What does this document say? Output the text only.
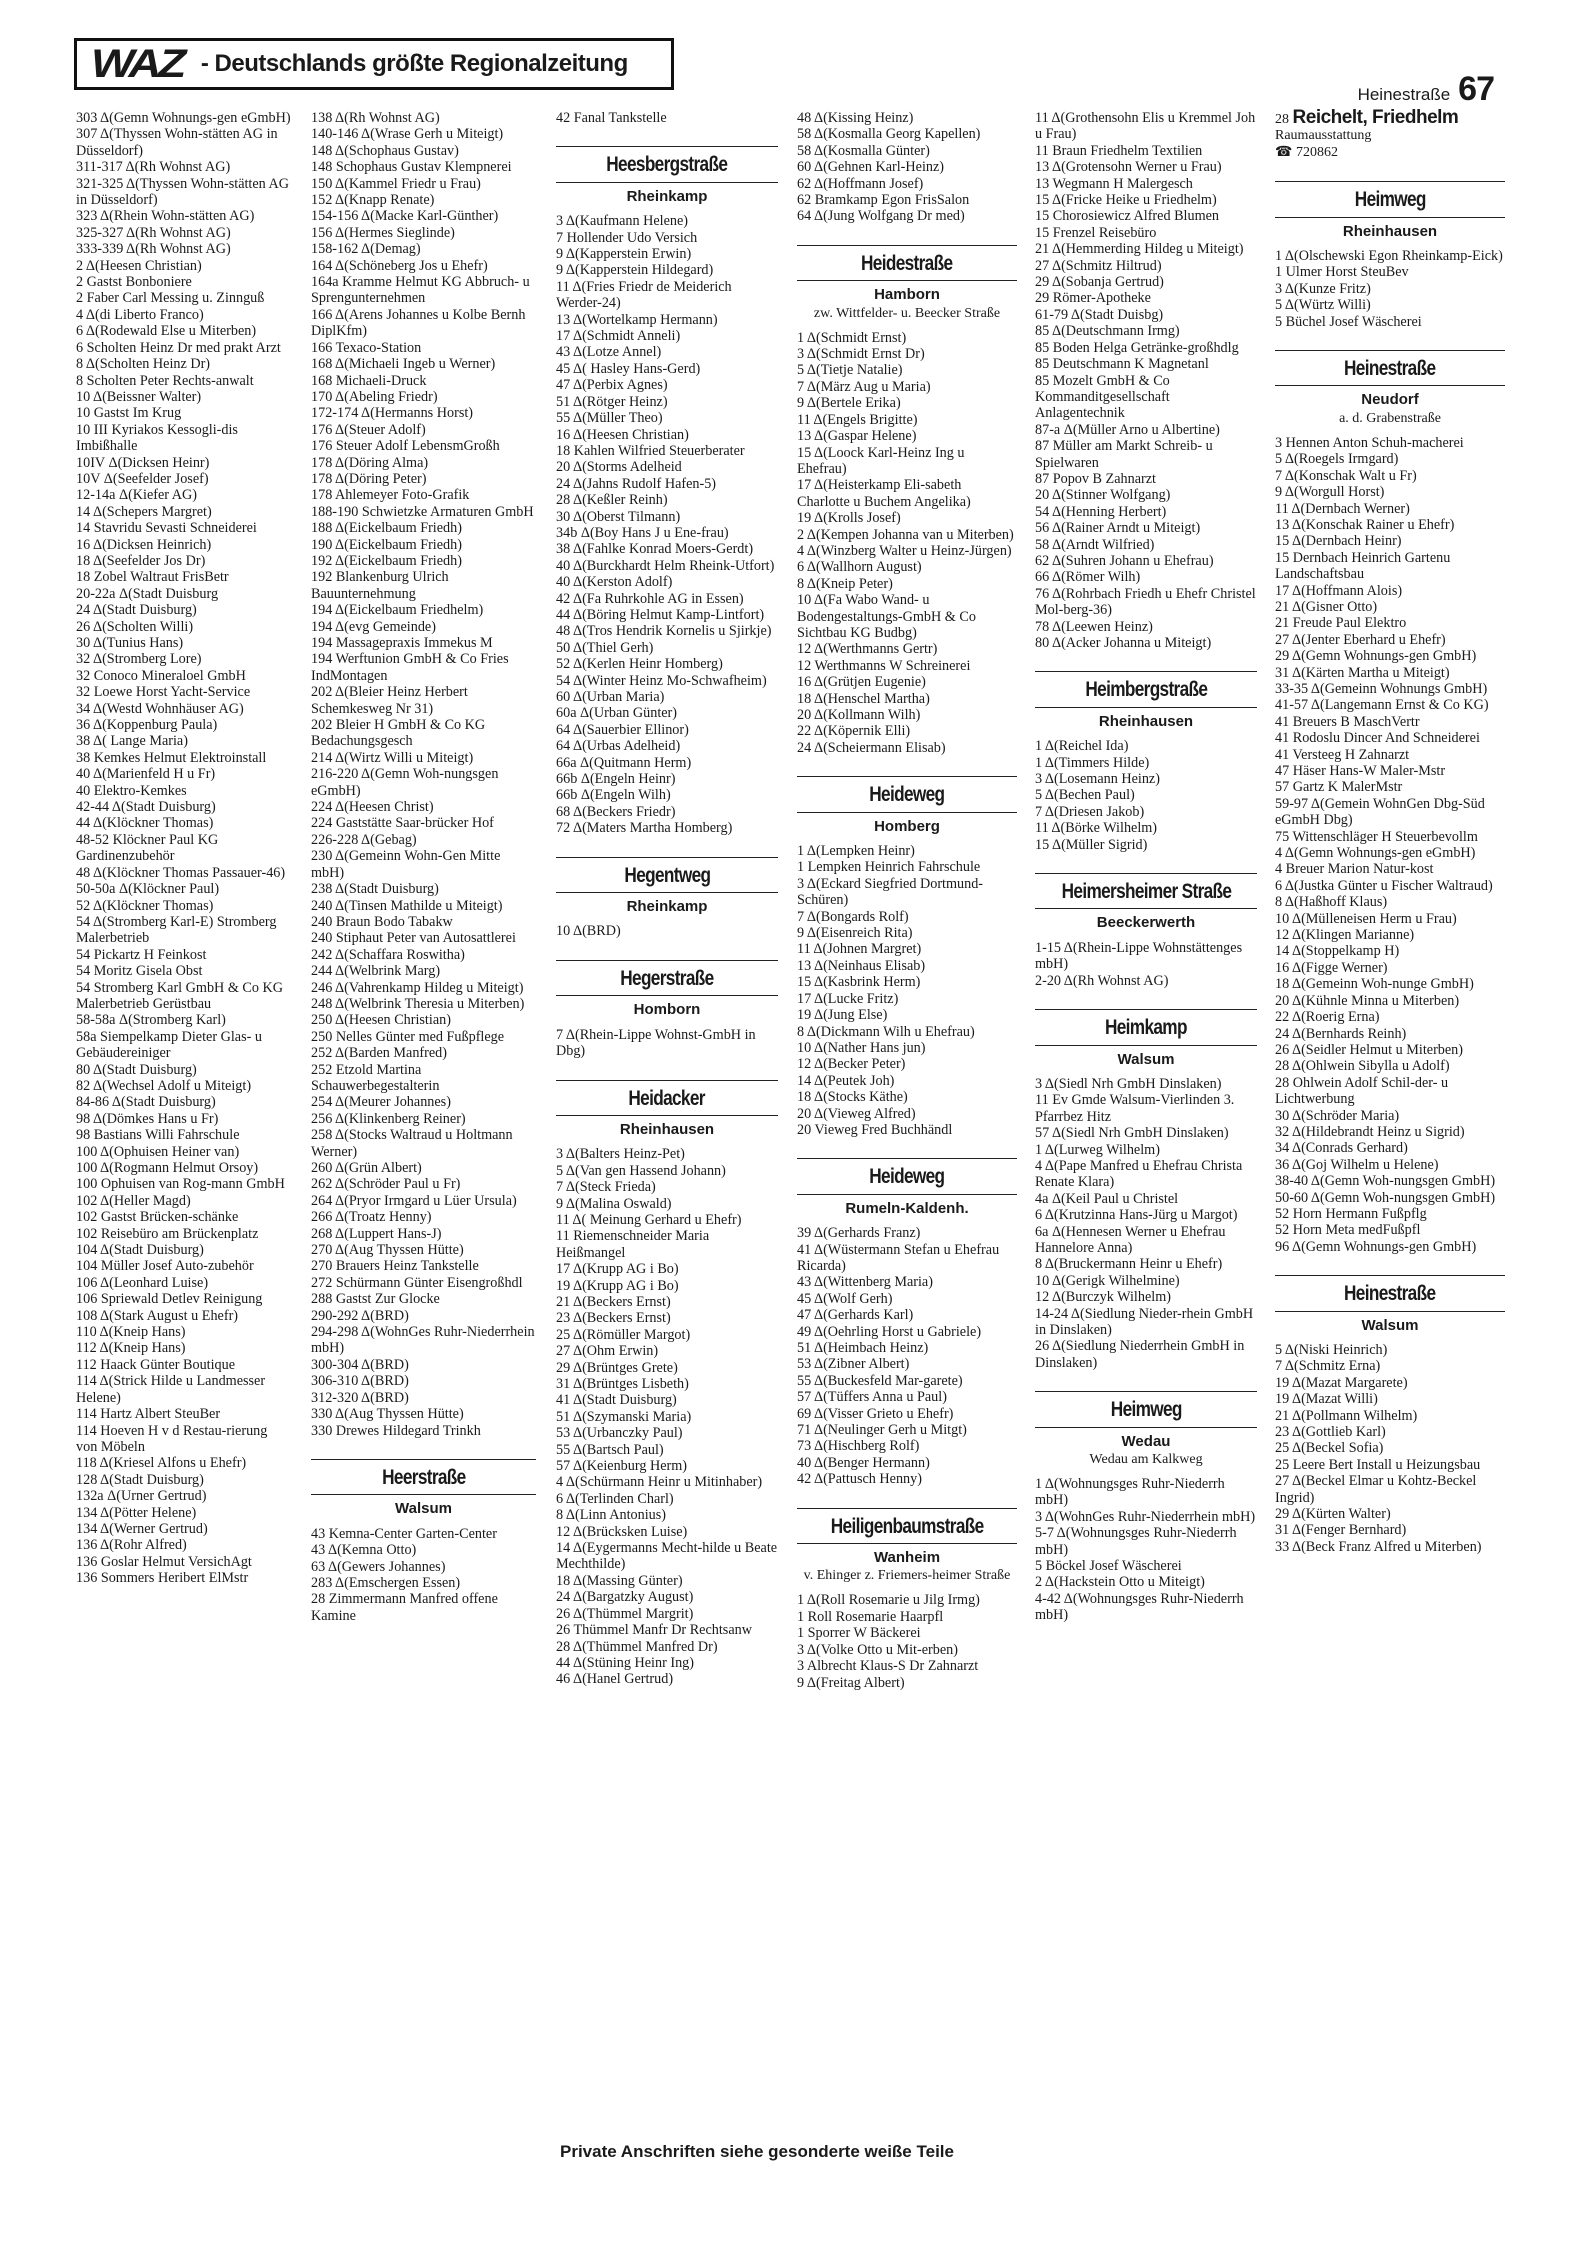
WAZ - Deutschlands größte Regionalzeitung
Heinestraße 67
303 Δ(Gemn Wohnungs-gen eGmbH)
307 Δ(Thyssen Wohn-stätten AG in Düsseldorf)
311-317 Δ(Rh Wohnst AG)
321-325 Δ(Thyssen Wohn-stätten AG in Düsseldorf)
323 Δ(Rhein Wohn-stätten AG)
325-327 Δ(Rh Wohnst AG)
333-339 Δ(Rh Wohnst AG)
2 Δ(Heesen Christian)
2 Gastst Bonboniere
2 Faber Carl Messing u. Zinnguß
4 Δ(di Liberto Franco)
6 Δ(Rodewald Else u Miterben)
6 Scholten Heinz Dr med prakt Arzt
8 Δ(Scholten Heinz Dr)
8 Scholten Peter Rechts-anwalt
10 Δ(Beissner Walter)
10 Gastst Im Krug
10 III Kyriakos Kessogli-dis Imbißhalle
10IV Δ(Dicksen Heinr)
10V Δ(Seefelder Josef)
12-14a Δ(Kiefer AG)
14 Δ(Schepers Margret)
14 Stavridu Sevasti Schneiderei
16 Δ(Dicksen Heinrich)
18 Δ(Seefelder Jos Dr)
18 Zobel Waltraut FrisBetr
20-22a Δ(Stadt Duisburg
24 Δ(Stadt Duisburg)
26 Δ(Scholten Willi)
30 Δ(Tunius Hans)
32 Δ(Stromberg Lore)
32 Conoco Mineraloel GmbH
32 Loewe Horst Yacht-Service
34 Δ(Westd Wohnhäuser AG)
36 Δ(Koppenburg Paula)
38 Δ( Lange Maria)
38 Kemkes Helmut Elektroinstall
40 Δ(Marienfeld H u Fr)
40 Elektro-Kemkes
42-44 Δ(Stadt Duisburg)
44 Δ(Klöckner Thomas)
48-52 Klöckner Paul KG Gardinenzubehör
48 Δ(Klöckner Thomas Passauer-46)
50-50a Δ(Klöckner Paul)
52 Δ(Klöckner Thomas)
54 Δ(Stromberg Karl-E) Stromberg Malerbetrieb
54 Pickartz H Feinkost
54 Moritz Gisela Obst
54 Stromberg Karl GmbH & Co KG Malerbetrieb Gerüstbau
58-58a Δ(Stromberg Karl)
58a Siempelkamp Dieter Glas- u Gebäudereiniger
80 Δ(Stadt Duisburg)
82 Δ(Wechsel Adolf u Miteigt)
84-86 Δ(Stadt Duisburg)
98 Δ(Dömkes Hans u Fr)
98 Bastians Willi Fahrschule
100 Δ(Ophuisen Heiner van)
100 Δ(Rogmann Helmut Orsoy)
100 Ophuisen van Rog-mann GmbH
102 Δ(Heller Magd)
102 Gastst Brücken-schänke
102 Reisebüro am Brückenplatz
104 Δ(Stadt Duisburg)
104 Müller Josef Auto-zubehör
106 Δ(Leonhard Luise)
106 Spriewald Detlev Reinigung
108 Δ(Stark August u Ehefr)
110 Δ(Kneip Hans)
112 Δ(Kneip Hans)
112 Haack Günter Boutique
114 Δ(Strick Hilde u Landmesser Helene)
114 Hartz Albert SteuBer
114 Hoeven H v d Restau-rierung von Möbeln
118 Δ(Kriesel Alfons u Ehefr)
128 Δ(Stadt Duisburg)
132a Δ(Urner Gertrud)
134 Δ(Pötter Helene)
134 Δ(Werner Gertrud)
136 Δ(Rohr Alfred)
136 Goslar Helmut VersichAgt
136 Sommers Heribert ElMstr
138 Δ(Rh Wohnst AG)
140-146 Δ(Wrase Gerh u Miteigt)
148 Δ(Schophaus Gustav)
148 Schophaus Gustav Klempnerei
150 Δ(Kammel Friedr u Frau)
152 Δ(Knapp Renate)
154-156 Δ(Macke Karl-Günther)
156 Δ(Hermes Sieglinde)
158-162 Δ(Demag)
164 Δ(Schöneberg Jos u Ehefr)
164a Kramme Helmut KG Abbruch- u Sprengunternehmen
166 Δ(Arens Johannes u Kolbe Bernh DiplKfm)
166 Texaco-Station
168 Δ(Michaeli Ingeb u Werner)
168 Michaeli-Druck
170 Δ(Abeling Friedr)
172-174 Δ(Hermanns Horst)
176 Δ(Steuer Adolf)
176 Steuer Adolf LebensmGroßh
178 Δ(Döring Alma)
178 Δ(Döring Peter)
178 Ahlemeyer Foto-Grafik
188-190 Schwietzke Armaturen GmbH
188 Δ(Eickelbaum Friedh)
190 Δ(Eickelbaum Friedh)
192 Δ(Eickelbaum Friedh)
192 Blankenburg Ulrich Bauunternehmung
194 Δ(Eickelbaum Friedhelm)
194 Δ(evg Gemeinde)
194 Massagepraxis Immekus M
194 Werftunion GmbH & Co Fries IndMontagen
202 Δ(Bleier Heinz Herbert Schemkesweg Nr 31)
202 Bleier H GmbH & Co KG Bedachungsgesch
214 Δ(Wirtz Willi u Miteigt)
216-220 Δ(Gemn Woh-nungsgen eGmbH)
224 Δ(Heesen Christ)
224 Gaststätte Saar-brücker Hof
226-228 Δ(Gebag)
230 Δ(Gemeinn Wohn-Gen Mitte mbH)
238 Δ(Stadt Duisburg)
240 Δ(Tinsen Mathilde u Miteigt)
240 Braun Bodo Tabakw
240 Stiphaut Peter van Autosattlerei
242 Δ(Schaffara Roswitha)
244 Δ(Welbrink Marg)
246 Δ(Vahrenkamp Hildeg u Miteigt)
248 Δ(Welbrink Theresia u Miterben)
250 Δ(Heesen Christian)
250 Nelles Günter med Fußpflege
252 Δ(Barden Manfred)
252 Etzold Martina Schauwerbegestalterin
254 Δ(Meurer Johannes)
256 Δ(Klinkenberg Reiner)
258 Δ(Stocks Waltraud u Holtmann Werner)
260 Δ(Grün Albert)
262 Δ(Schröder Paul u Fr)
264 Δ(Pryor Irmgard u Lüer Ursula)
266 Δ(Troatz Henny)
268 Δ(Luppert Hans-J)
270 Δ(Aug Thyssen Hütte)
270 Brauers Heinz Tankstelle
272 Schürmann Günter Eisengroßhdl
288 Gastst Zur Glocke
290-292 Δ(BRD)
294-298 Δ(WohnGes Ruhr-Niederrhein mbH)
300-304 Δ(BRD)
306-310 Δ(BRD)
312-320 Δ(BRD)
330 Δ(Aug Thyssen Hütte)
330 Drewes Hildegard Trinkh
Heerstraße
Walsum
43 Kemna-Center Garten-Center
43 Δ(Kemna Otto)
63 Δ(Gewers Johannes)
283 Δ(Emschergen Essen)
28 Zimmermann Manfred offene Kamine
42 Fanal Tankstelle
Heesbergstraße
Rheinkamp
3 Δ(Kaufmann Helene)
7 Hollender Udo Versich
9 Δ(Kapperstein Erwin)
9 Δ(Kapperstein Hildegard)
11 Δ(Fries Friedr de Meiderich Werder-24)
13 Δ(Wortelkamp Hermann)
17 Δ(Schmidt Anneli)
43 Δ(Lotze Annel)
45 Δ( Hasley Hans-Gerd)
47 Δ(Perbix Agnes)
51 Δ(Rötger Heinz)
55 Δ(Müller Theo)
16 Δ(Heesen Christian)
18 Kahlen Wilfried Steuerberater
20 Δ(Storms Adelheid
24 Δ(Jahns Rudolf Hafen-5)
28 Δ(Keßler Reinh)
30 Δ(Oberst Tilmann)
34b Δ(Boy Hans J u Ene-frau)
38 Δ(Fahlke Konrad Moers-Gerdt)
40 Δ(Burckhardt Helm Rheink-Utfort)
40 Δ(Kerston Adolf)
42 Δ(Fa Ruhrkohle AG in Essen)
44 Δ(Böring Helmut Kamp-Lintfort)
48 Δ(Tros Hendrik Kornelis u Sjirkje)
50 Δ(Thiel Gerh)
52 Δ(Kerlen Heinr Homberg)
54 Δ(Winter Heinz Mo-Schwafheim)
60 Δ(Urban Maria)
60a Δ(Urban Günter)
64 Δ(Sauerbier Ellinor)
64 Δ(Urbas Adelheid)
66a Δ(Quitmann Herm)
66b Δ(Engeln Heinr)
66b Δ(Engeln Wilh)
68 Δ(Beckers Friedr)
72 Δ(Maters Martha Homberg)
Hegentweg
Rheinkamp
10 Δ(BRD)
Hegerstraße
Homborn
7 Δ(Rhein-Lippe Wohnst-GmbH in Dbg)
Heidacker
Rheinhausen
3 Δ(Balters Heinz-Pet)
5 Δ(Van gen Hassend Johann)
7 Δ(Steck Frieda)
9 Δ(Malina Oswald)
11 Δ( Meinung Gerhard u Ehefr)
11 Riemenschneider Maria Heißmangel
17 Δ(Krupp AG i Bo)
19 Δ(Krupp AG i Bo)
21 Δ(Beckers Ernst)
23 Δ(Beckers Ernst)
25 Δ(Römüller Margot)
27 Δ(Ohm Erwin)
29 Δ(Brüntges Grete)
31 Δ(Brüntges Lisbeth)
41 Δ(Stadt Duisburg)
51 Δ(Szymanski Maria)
53 Δ(Urbanczky Paul)
55 Δ(Bartsch Paul)
57 Δ(Keienburg Herm)
4 Δ(Schürmann Heinr u Mitinhaber)
6 Δ(Terlinden Charl)
8 Δ(Linn Antonius)
12 Δ(Brücksken Luise)
14 Δ(Eygermanns Mecht-hilde u Beate Mechthilde)
18 Δ(Massing Günter)
24 Δ(Bargatzky August)
26 Δ(Thümmel Margrit)
26 Thümmel Manfr Dr Rechtsanw
28 Δ(Thümmel Manfred Dr)
44 Δ(Stüning Heinr Ing)
46 Δ(Hanel Gertrud)
48 Δ(Kissing Heinz)
58 Δ(Kosmalla Georg Kapellen)
58 Δ(Kosmalla Günter)
60 Δ(Gehnen Karl-Heinz)
62 Δ(Hoffmann Josef)
62 Bramkamp Egon FrisSalon
64 Δ(Jung Wolfgang Dr med)
Heidestraße
Hamborn
zw. Wittfelder- u. Beecker Straße
1 Δ(Schmidt Ernst)
3 Δ(Schmidt Ernst Dr)
5 Δ(Tietje Natalie)
7 Δ(März Aug u Maria)
9 Δ(Bertele Erika)
11 Δ(Engels Brigitte)
13 Δ(Gaspar Helene)
15 Δ(Loock Karl-Heinz Ing u Ehefrau)
17 Δ(Heisterkamp Eli-sabeth Charlotte u Buchem Angelika)
19 Δ(Krolls Josef)
2 Δ(Kempen Johanna van u Miterben)
4 Δ(Winzberg Walter u Heinz-Jürgen)
6 Δ(Wallhorn August)
8 Δ(Kneip Peter)
10 Δ(Fa Wabo Wand- u Bodengestaltungs-GmbH & Co Sichtbau KG Budbg)
12 Δ(Werthmanns Gertr)
12 Werthmanns W Schreinerei
16 Δ(Grütjen Eugenie)
18 Δ(Henschel Martha)
20 Δ(Kollmann Wilh)
22 Δ(Köpernik Elli)
24 Δ(Scheiermann Elisab)
Heideweg
Homberg
1 Δ(Lempken Heinr)
1 Lempken Heinrich Fahrschule
3 Δ(Eckard Siegfried Dortmund-Schüren)
7 Δ(Bongards Rolf)
9 Δ(Eisenreich Rita)
11 Δ(Johnen Margret)
13 Δ(Neinhaus Elisab)
15 Δ(Kasbrink Herm)
17 Δ(Lucke Fritz)
19 Δ(Jung Else)
8 Δ(Dickmann Wilh u Ehefrau)
10 Δ(Nather Hans jun)
12 Δ(Becker Peter)
14 Δ(Peutek Joh)
18 Δ(Stocks Käthe)
20 Δ(Vieweg Alfred)
20 Vieweg Fred Buchhändl
Heideweg
Rumeln-Kaldenh.
39 Δ(Gerhards Franz)
41 Δ(Wüstermann Stefan u Ehefrau Ricarda)
43 Δ(Wittenberg Maria)
45 Δ(Wolf Gerh)
47 Δ(Gerhards Karl)
49 Δ(Oehrling Horst u Gabriele)
51 Δ(Heimbach Heinz)
53 Δ(Zibner Albert)
55 Δ(Buckesfeld Mar-garete)
57 Δ(Tüffers Anna u Paul)
69 Δ(Visser Grieto u Ehefr)
71 Δ(Neulinger Gerh u Mitgt)
73 Δ(Hischberg Rolf)
40 Δ(Benger Hermann)
42 Δ(Pattusch Henny)
Heiligenbaumstraße
Wanheim
v. Ehinger z. Friemers-heimer Straße
1 Δ(Roll Rosemarie u Jilg Irmg)
1 Roll Rosemarie Haarpfl
1 Sporrer W Bäckerei
3 Δ(Volke Otto u Mit-erben)
3 Albrecht Klaus-S Dr Zahnarzt
9 Δ(Freitag Albert)
11 Δ(Grothensohn Elis u Kremmel Joh u Frau)
11 Braun Friedhelm Textilien
13 Δ(Grotensohn Werner u Frau)
13 Wegmann H Malergesch
15 Δ(Fricke Heike u Friedhelm)
15 Chorosiewicz Alfred Blumen
15 Frenzel Reisebüro
21 Δ(Hemmerding Hildeg u Miteigt)
27 Δ(Schmitz Hiltrud)
29 Δ(Sobanja Gertrud)
29 Römer-Apotheke
61-79 Δ(Stadt Duisbg)
85 Δ(Deutschmann Irmg)
85 Boden Helga Getränke-großhdlg
85 Deutschmann K Magnetanl
85 Mozelt GmbH & Co Kommanditgesellschaft Anlagentechnik
87-a Δ(Müller Arno u Albertine)
87 Müller am Markt Schreib- u Spielwaren
87 Popov B Zahnarzt
20 Δ(Stinner Wolfgang)
54 Δ(Henning Herbert)
56 Δ(Rainer Arndt u Miteigt)
58 Δ(Arndt Wilfried)
62 Δ(Suhren Johann u Ehefrau)
66 Δ(Römer Wilh)
76 Δ(Rohrbach Friedh u Ehefr Christel Mol-berg-36)
78 Δ(Leewen Heinz)
80 Δ(Acker Johanna u Miteigt)
Heimbergstraße
Rheinhausen
1 Δ(Reichel Ida)
1 Δ(Timmers Hilde)
3 Δ(Losemann Heinz)
5 Δ(Bechen Paul)
7 Δ(Driesen Jakob)
11 Δ(Börke Wilhelm)
15 Δ(Müller Sigrid)
Heimersheimer Straße
Beeckerwerth
1-15 Δ(Rhein-Lippe Wohnstättenges mbH)
2-20 Δ(Rh Wohnst AG)
Heimkamp
Walsum
3 Δ(Siedl Nrh GmbH Dinslaken)
11 Ev Gmde Walsum-Vierlinden 3. Pfarrbez Hitz
57 Δ(Siedl Nrh GmbH Dinslaken)
1 Δ(Lurweg Wilhelm)
4 Δ(Pape Manfred u Ehefrau Christa Renate Klara)
4a Δ(Keil Paul u Christel
6 Δ(Krutzinna Hans-Jürg u Margot)
6a Δ(Hennesen Werner u Ehefrau Hannelore Anna)
8 Δ(Bruckermann Heinr u Ehefr)
10 Δ(Gerigk Wilhelmine)
12 Δ(Burczyk Wilhelm)
14-24 Δ(Siedlung Nieder-rhein GmbH in Dinslaken)
26 Δ(Siedlung Niederrhein GmbH in Dinslaken)
Heimweg
Wedau
Wedau am Kalkweg
1 Δ(Wohnungsges Ruhr-Niederrh mbH)
3 Δ(WohnGes Ruhr-Niederrhein mbH)
5-7 Δ(Wohnungsges Ruhr-Niederrh mbH)
5 Böckel Josef Wäscherei
2 Δ(Hackstein Otto u Miteigt)
4-42 Δ(Wohnungsges Ruhr-Niederrh mbH)
28 Reichelt, Friedhelm
Raumausstattung
☎ 720862
Heimweg
Rheinhausen
1 Δ(Olschewski Egon Rheinkamp-Eick)
1 Ulmer Horst SteuBev
3 Δ(Kunze Fritz)
5 Δ(Würtz Willi)
5 Büchel Josef Wäscherei
Heinestraße
Neudorf
a. d. Grabenstraße
3 Hennen Anton Schuh-macherei
5 Δ(Roegels Irmgard)
7 Δ(Konschak Walt u Fr)
9 Δ(Worgull Horst)
11 Δ(Dernbach Werner)
13 Δ(Konschak Rainer u Ehefr)
15 Δ(Dernbach Heinr)
15 Dernbach Heinrich Gartenu Landschaftsbau
17 Δ(Hoffmann Alois)
21 Δ(Gisner Otto)
21 Freude Paul Elektro
27 Δ(Jenter Eberhard u Ehefr)
29 Δ(Gemn Wohnungs-gen GmbH)
31 Δ(Kärten Martha u Miteigt)
33-35 Δ(Gemeinn Wohnungs GmbH)
41-57 Δ(Langemann Ernst & Co KG)
41 Breuers B MaschVertr
41 Rodoslu Dincer And Schneiderei
41 Versteeg H Zahnarzt
47 Häser Hans-W Maler-Mstr
57 Gartz K MalerMstr
59-97 Δ(Gemein WohnGen Dbg-Süd eGmbH Dbg)
75 Wittenschläger H Steuerbevollm
4 Δ(Gemn Wohnungs-gen eGmbH)
4 Breuer Marion Natur-kost
6 Δ(Justka Günter u Fischer Waltraud)
8 Δ(Haßhoff Klaus)
10 Δ(Mülleneisen Herm u Frau)
12 Δ(Klingen Marianne)
14 Δ(Stoppelkamp H)
16 Δ(Figge Werner)
18 Δ(Gemeinn Woh-nunge GmbH)
20 Δ(Kühnle Minna u Miterben)
22 Δ(Roerig Erna)
24 Δ(Bernhards Reinh)
26 Δ(Seidler Helmut u Miterben)
28 Δ(Ohlwein Sibylla u Adolf)
28 Ohlwein Adolf Schil-der- u Lichtwerbung
30 Δ(Schröder Maria)
32 Δ(Hildebrandt Heinz u Sigrid)
34 Δ(Conrads Gerhard)
36 Δ(Goj Wilhelm u Helene)
38-40 Δ(Gemn Woh-nungsgen GmbH)
50-60 Δ(Gemn Woh-nungsgen GmbH)
52 Horn Hermann Fußpflg
52 Horn Meta medFußpfl
96 Δ(Gemn Wohnungs-gen GmbH)
Heinestraße
Walsum
5 Δ(Niski Heinrich)
7 Δ(Schmitz Erna)
19 Δ(Mazat Margarete)
19 Δ(Mazat Willi)
21 Δ(Pollmann Wilhelm)
23 Δ(Gottlieb Karl)
25 Δ(Beckel Sofia)
25 Leere Bert Install u Heizungsbau
27 Δ(Beckel Elmar u Kohtz-Beckel Ingrid)
29 Δ(Kürten Walter)
31 Δ(Fenger Bernhard)
33 Δ(Beck Franz Alfred u Miterben)
Private Anschriften siehe gesonderte weiße Teile
